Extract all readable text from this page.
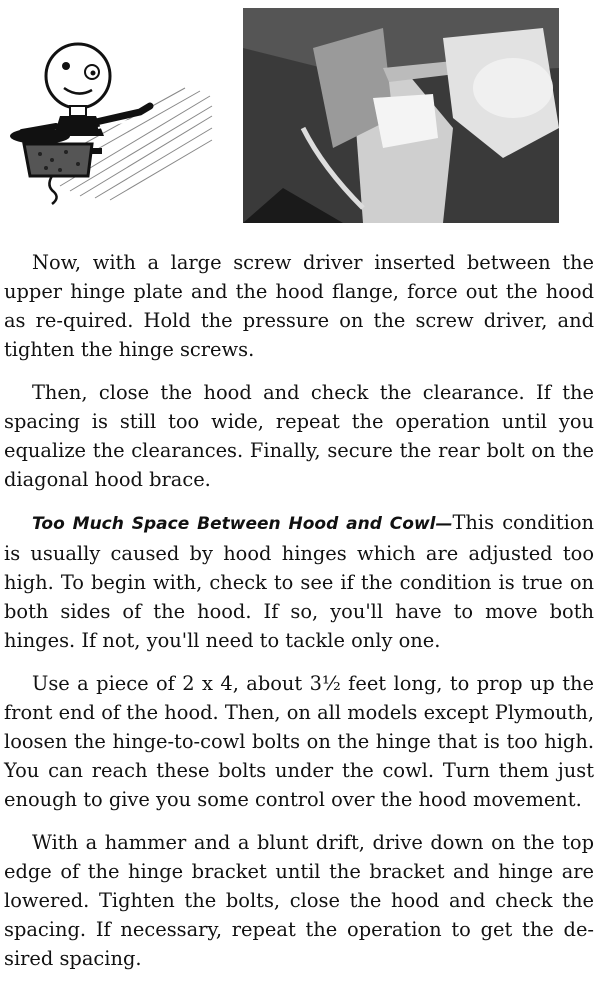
Now, with a large screw driver inserted between the upper hinge plate and the hood flange, force out the hood as re-quired. Hold the pressure on the screw driver, and tighten the hinge screws.

Then, close the hood and check the clearance. If the spacing is still too wide, repeat the operation until you equalize the clearances. Finally, secure the rear bolt on the diagonal hood brace.

Too Much Space Between Hood and Cowl—This condition is usually caused by hood hinges which are adjusted too high. To begin with, check to see if the condition is true on both sides of the hood. If so, you'll have to move both hinges. If not, you'll need to tackle only one.

Use a piece of 2 x 4, about 3½ feet long, to prop up the front end of the hood. Then, on all models except Plymouth, loosen the hinge-to-cowl bolts on the hinge that is too high. You can reach these bolts under the cowl. Turn them just enough to give you some control over the hood movement.

With a hammer and a blunt drift, drive down on the top edge of the hinge bracket until the bracket and hinge are lowered. Tighten the bolts, close the hood and check the spacing. If necessary, repeat the operation to get the de-sired spacing.
